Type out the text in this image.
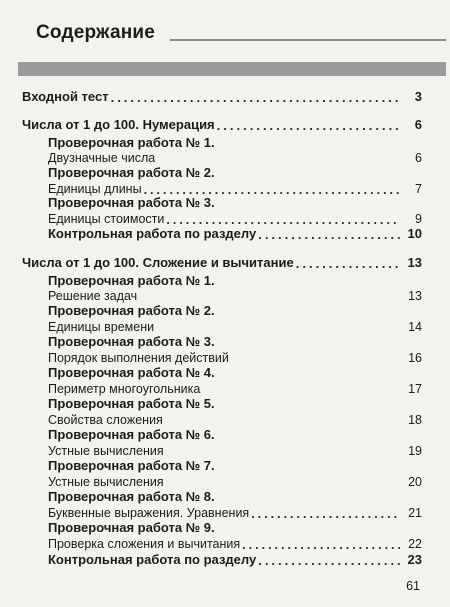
Содержание
Входной тест .....	3
Числа от 1 до 100. Нумерация .....	6
Проверочная работа № 1.
Двузначные числа	6
Проверочная работа № 2.
Единицы длины .....	7
Проверочная работа № 3.
Единицы стоимости .....	9
Контрольная работа по разделу .....	10
Числа от 1 до 100. Сложение и вычитание .....	13
Проверочная работа № 1.
Решение задач	13
Проверочная работа № 2.
Единицы времени	14
Проверочная работа № 3.
Порядок выполнения действий	16
Проверочная работа № 4.
Периметр многоугольника	17
Проверочная работа № 5.
Свойства сложения	18
Проверочная работа № 6.
Устные вычисления	19
Проверочная работа № 7.
Устные вычисления	20
Проверочная работа № 8.
Буквенные выражения. Уравнения .....	21
Проверочная работа № 9.
Проверка сложения и вычитания .....	22
Контрольная работа по разделу .....	23
61
